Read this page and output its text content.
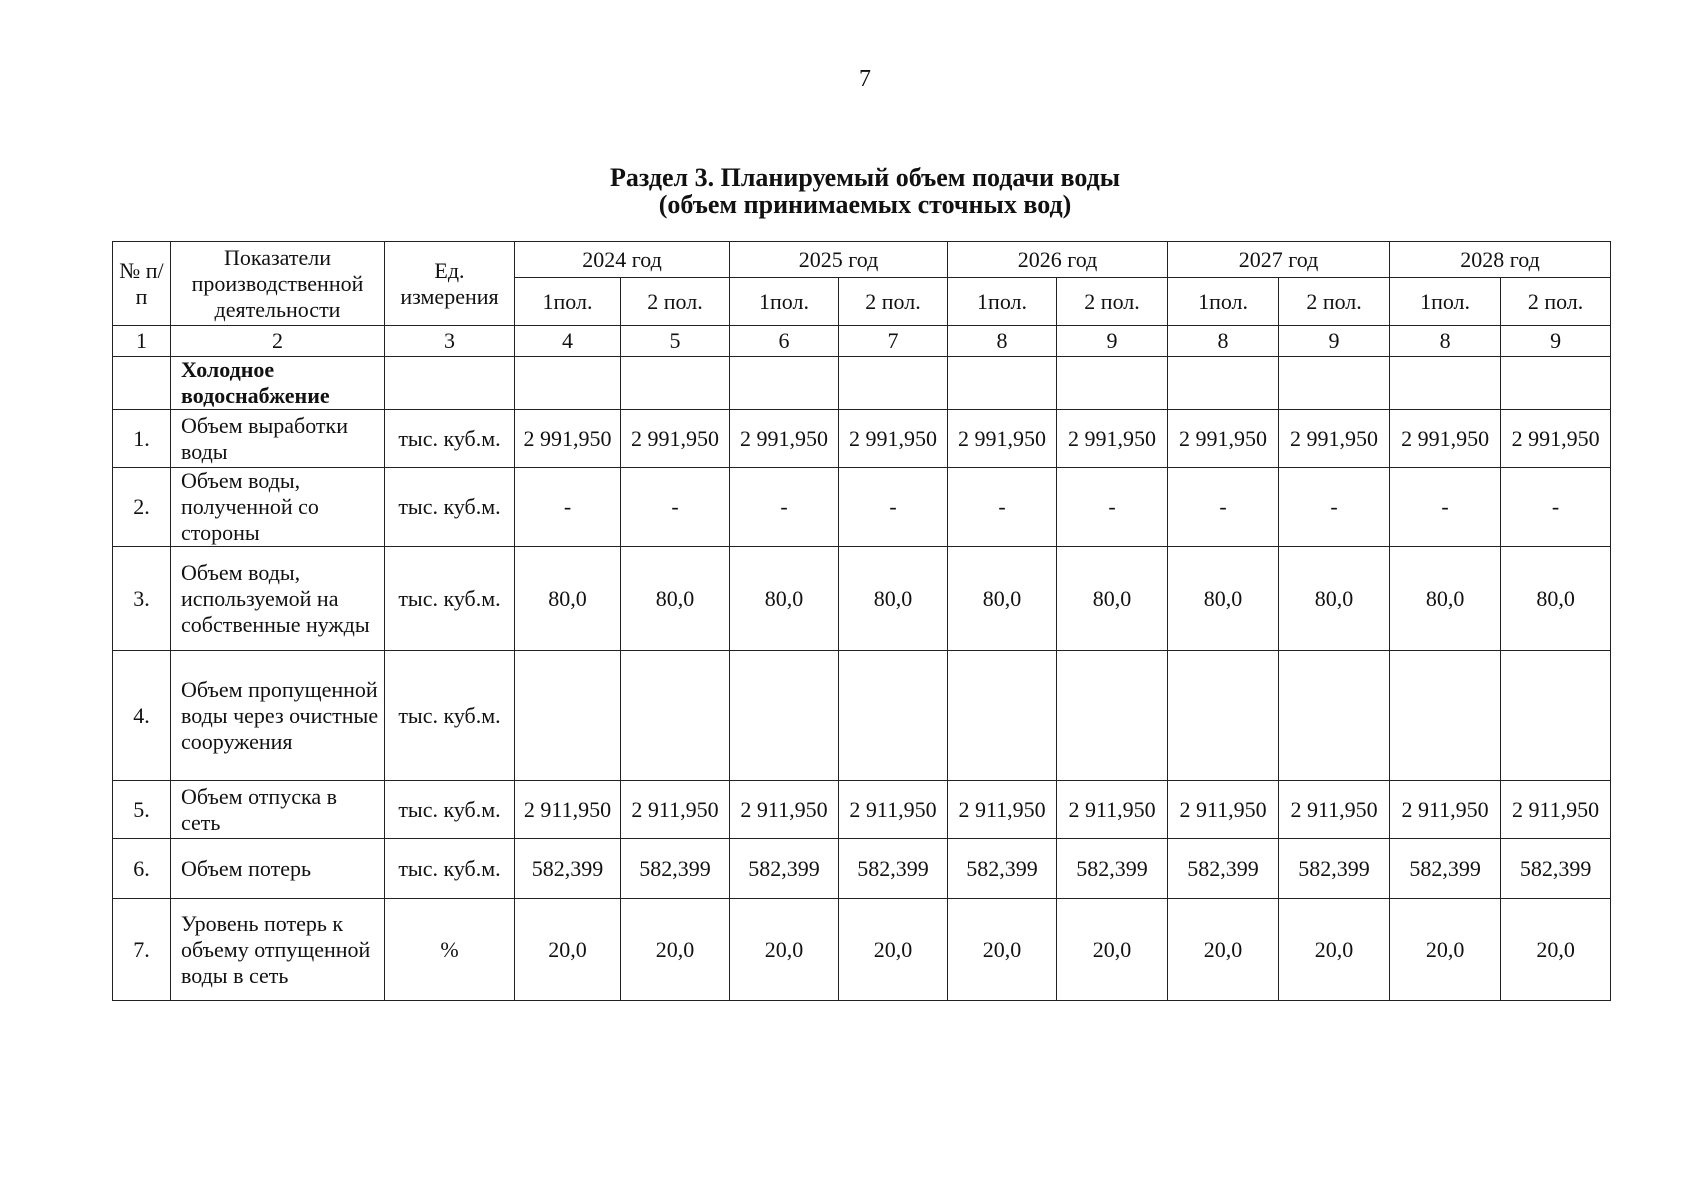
7
Раздел 3. Планируемый объем подачи воды
(объем принимаемых сточных вод)
№ п/п	Показатели производственной деятельности	Ед. измерения	2024 год		2025 год		2026 год		2027 год		2028 год	
			1пол.	2 пол.	1пол.	2 пол.	1пол.	2 пол.	1пол.	2 пол.	1пол.	2 пол.
1	2	3	4	5	6	7	8	9	8	9	8	9
	Холодное водоснабжение											
1.	Объем выработки воды	тыс. куб.м.	2 991,950	2 991,950	2 991,950	2 991,950	2 991,950	2 991,950	2 991,950	2 991,950	2 991,950	2 991,950
2.	Объем воды, полученной со стороны	тыс. куб.м.	-	-	-	-	-	-	-	-	-	-
3.	Объем воды, используемой на собственные нужды	тыс. куб.м.	80,0	80,0	80,0	80,0	80,0	80,0	80,0	80,0	80,0	80,0
4.	Объем пропущенной воды через очистные сооружения	тыс. куб.м.										
5.	Объем отпуска в сеть	тыс. куб.м.	2 911,950	2 911,950	2 911,950	2 911,950	2 911,950	2 911,950	2 911,950	2 911,950	2 911,950	2 911,950
6.	Объем потерь	тыс. куб.м.	582,399	582,399	582,399	582,399	582,399	582,399	582,399	582,399	582,399	582,399
7.	Уровень потерь к объему отпущенной воды в сеть	%	20,0	20,0	20,0	20,0	20,0	20,0	20,0	20,0	20,0	20,0
